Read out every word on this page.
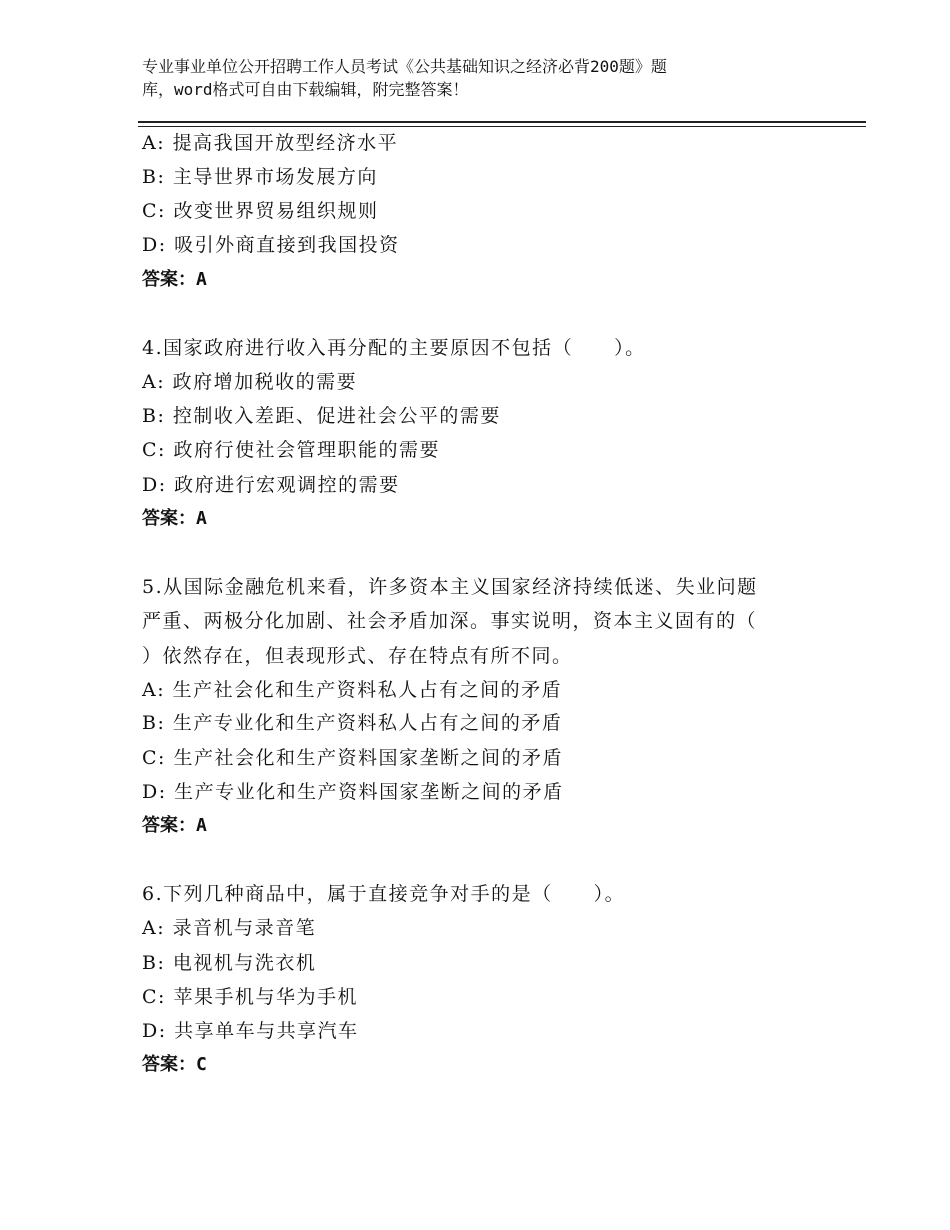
专业事业单位公开招聘工作人员考试《公共基础知识之经济必背200题》题
库，word格式可自由下载编辑，附完整答案！
A: 提高我国开放型经济水平
B: 主导世界市场发展方向
C: 改变世界贸易组织规则
D: 吸引外商直接到我国投资
答案：A
4.国家政府进行收入再分配的主要原因不包括（　　）。
A: 政府增加税收的需要
B: 控制收入差距、促进社会公平的需要
C: 政府行使社会管理职能的需要
D: 政府进行宏观调控的需要
答案：A
5.从国际金融危机来看，许多资本主义国家经济持续低迷、失业问题
严重、两极分化加剧、社会矛盾加深。事实说明，资本主义固有的（
）依然存在，但表现形式、存在特点有所不同。
A: 生产社会化和生产资料私人占有之间的矛盾
B: 生产专业化和生产资料私人占有之间的矛盾
C: 生产社会化和生产资料国家垄断之间的矛盾
D: 生产专业化和生产资料国家垄断之间的矛盾
答案：A
6.下列几种商品中，属于直接竞争对手的是（　　）。
A: 录音机与录音笔
B: 电视机与洗衣机
C: 苹果手机与华为手机
D: 共享单车与共享汽车
答案：C
